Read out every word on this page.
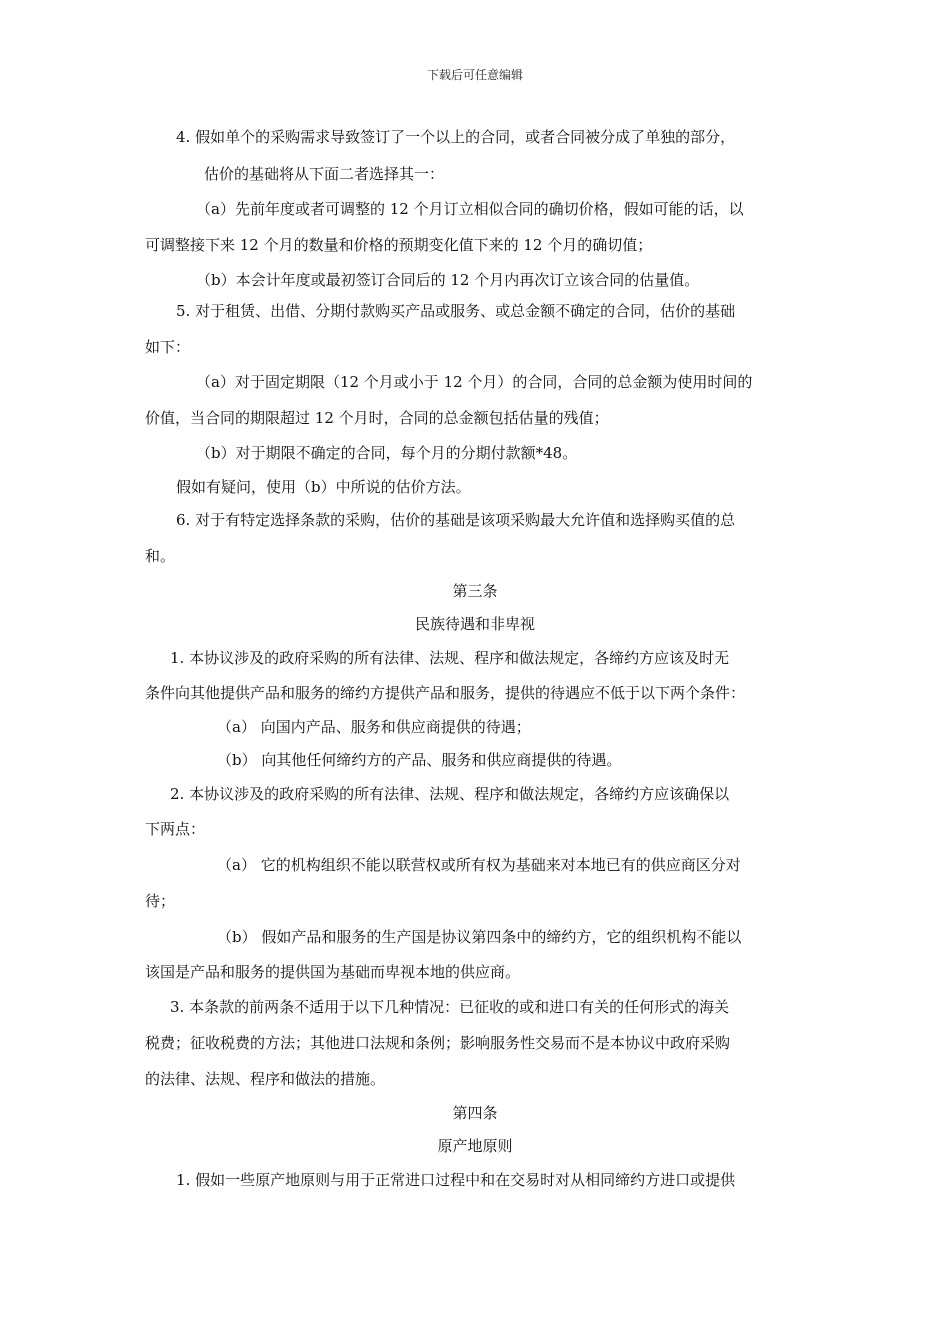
下载后可任意编辑
4. 假如单个的采购需求导致签订了一个以上的合同，或者合同被分成了单独的部分，
估价的基础将从下面二者选择其一：
（a）先前年度或者可调整的 12 个月订立相似合同的确切价格，假如可能的话，以
可调整接下来 12 个月的数量和价格的预期变化值下来的 12 个月的确切值；
（b）本会计年度或最初签订合同后的 12 个月内再次订立该合同的估量值。
5. 对于租赁、出借、分期付款购买产品或服务、或总金额不确定的合同，估价的基础
如下：
（a）对于固定期限（12 个月或小于 12 个月）的合同，合同的总金额为使用时间的
价值，当合同的期限超过 12 个月时，合同的总金额包括估量的残值；
（b）对于期限不确定的合同，每个月的分期付款额*48。
假如有疑问，使用（b）中所说的估价方法。
6. 对于有特定选择条款的采购，估价的基础是该项采购最大允许值和选择购买值的总
和。
第三条
民族待遇和非卑视
1. 本协议涉及的政府采购的所有法律、法规、程序和做法规定，各缔约方应该及时无
条件向其他提供产品和服务的缔约方提供产品和服务，提供的待遇应不低于以下两个条件：
（a） 向国内产品、服务和供应商提供的待遇；
（b） 向其他任何缔约方的产品、服务和供应商提供的待遇。
2. 本协议涉及的政府采购的所有法律、法规、程序和做法规定，各缔约方应该确保以
下两点：
（a） 它的机构组织不能以联营权或所有权为基础来对本地已有的供应商区分对
待；
（b） 假如产品和服务的生产国是协议第四条中的缔约方，它的组织机构不能以
该国是产品和服务的提供国为基础而卑视本地的供应商。
3. 本条款的前两条不适用于以下几种情况：已征收的或和进口有关的任何形式的海关
税费；征收税费的方法；其他进口法规和条例；影响服务性交易而不是本协议中政府采购
的法律、法规、程序和做法的措施。
第四条
原产地原则
1. 假如一些原产地原则与用于正常进口过程中和在交易时对从相同缔约方进口或提供
